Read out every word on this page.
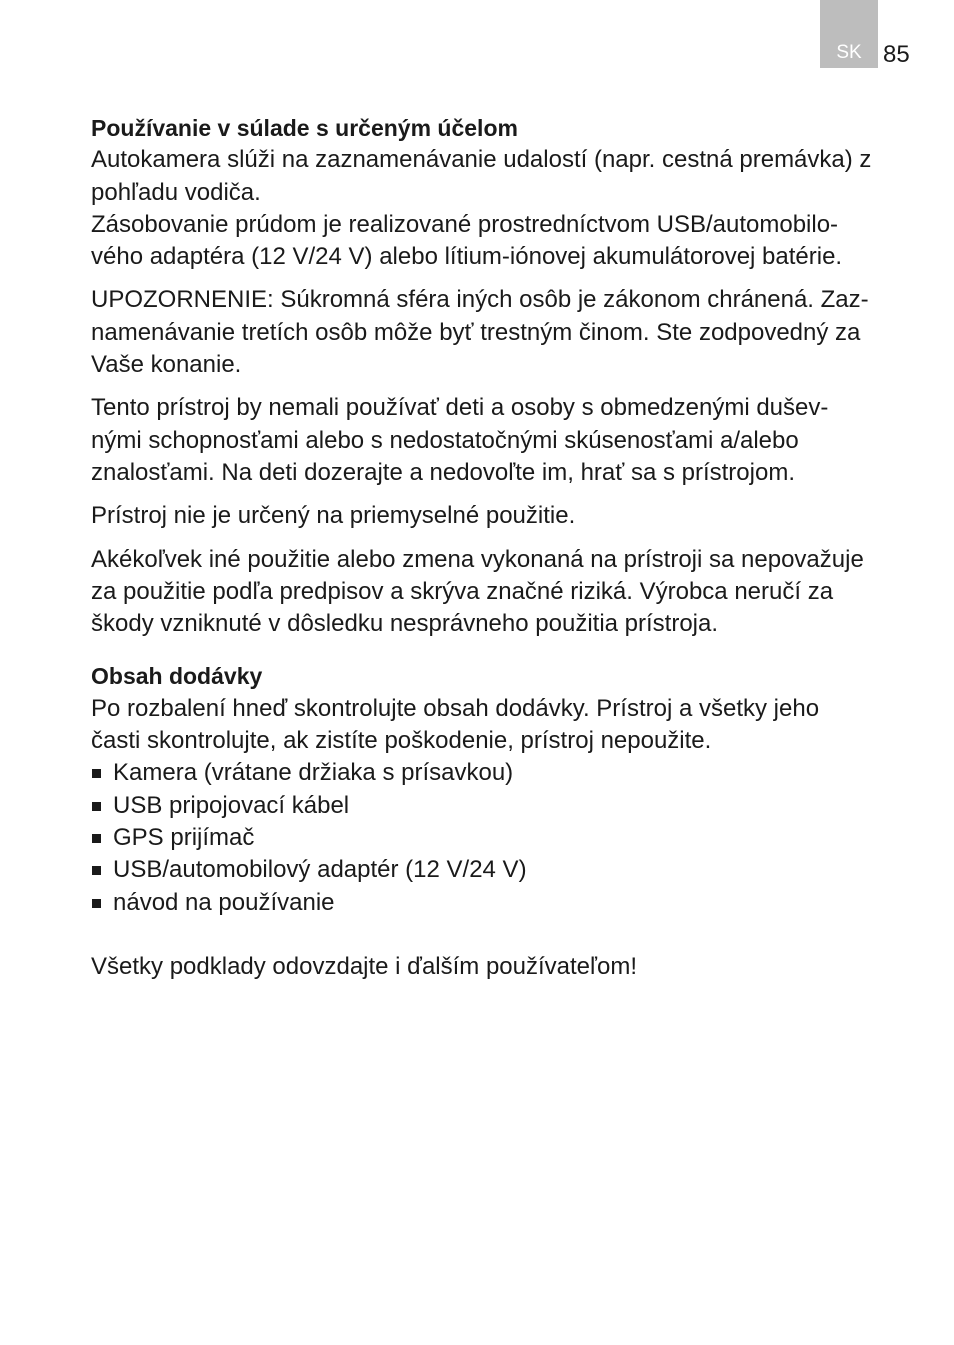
SK 85
Používanie v súlade s určeným účelom
Autokamera slúži na zaznamenávanie udalostí (napr. cestná premávka) z
pohľadu vodiča.
Zásobovanie prúdom je realizované prostredníctvom USB/automobilo-
vého adaptéra (12 V/24 V) alebo lítium-iónovej akumulátorovej batérie.
UPOZORNENIE: Súkromná sféra iných osôb je zákonom chránená. Zaz-
namenávanie tretích osôb môže byť trestným činom. Ste zodpovedný za
Vaše konanie.
Tento prístroj by nemali používať deti a osoby s obmedzenými dušev-
nými schopnosťami alebo s nedostatočnými skúsenosťami a/alebo
znalosťami. Na deti dozerajte a nedovoľte im, hrať sa s prístrojom.
Prístroj nie je určený na priemyselné použitie.
Akékoľvek iné použitie alebo zmena vykonaná na prístroji sa nepovažuje
za použitie podľa predpisov a skrýva značné riziká. Výrobca neručí za
škody vzniknuté v dôsledku nesprávneho použitia prístroja.
Obsah dodávky
Po rozbalení hneď skontrolujte obsah dodávky. Prístroj a všetky jeho
časti skontrolujte, ak zistíte poškodenie, prístroj nepoužite.
Kamera (vrátane držiaka s prísavkou)
USB pripojovací kábel
GPS prijímač
USB/automobilový adaptér (12 V/24 V)
návod na používanie
Všetky podklady odovzdajte i ďalším používateľom!
